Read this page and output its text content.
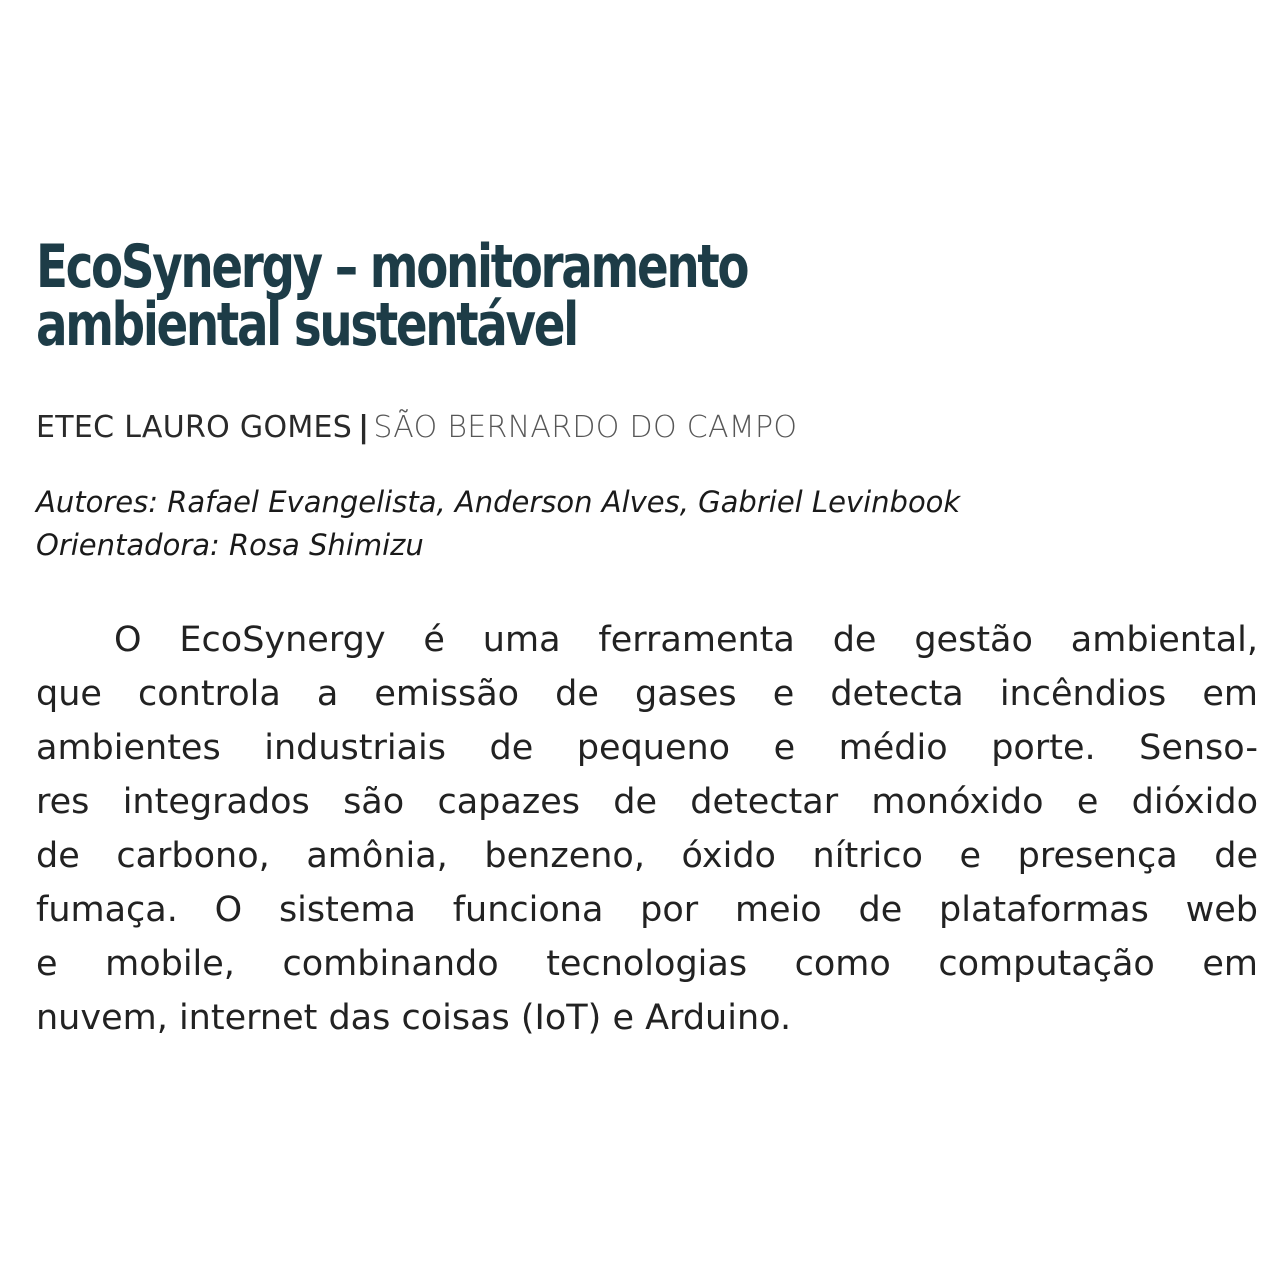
EcoSynergy – monitoramento
ambiental sustentável
ETEC LAURO GOMES | SÃO BERNARDO DO CAMPO
Autores: Rafael Evangelista, Anderson Alves, Gabriel Levinbook
Orientadora: Rosa Shimizu

O EcoSynergy é uma ferramenta de gestão ambiental,
que controla a emissão de gases e detecta incêndios em
ambientes industriais de pequeno e médio porte. Senso-
res integrados são capazes de detectar monóxido e dióxido
de carbono, amônia, benzeno, óxido nítrico e presença de
fumaça. O sistema funciona por meio de plataformas web
e mobile, combinando tecnologias como computação em
nuvem, internet das coisas (IoT) e Arduino.
